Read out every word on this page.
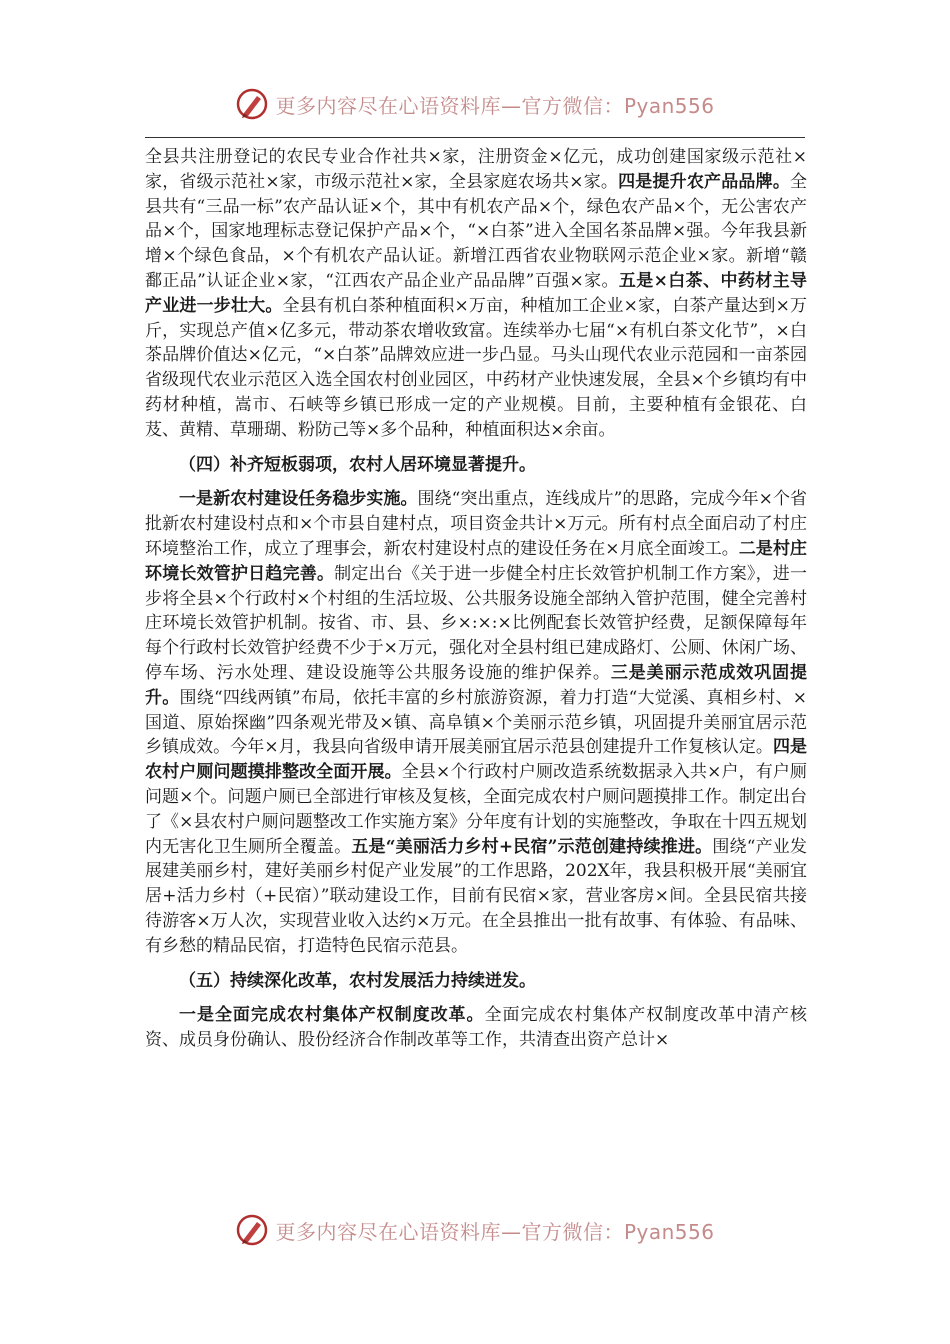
更多内容尽在心语资料库—官方微信：Pyan556

全县共注册登记的农民专业合作社共×家，注册资金×亿元，成功创建国家级示范社×家，省级示范社×家，市级示范社×家，全县家庭农场共×家。四是提升农产品品牌。全县共有“三品一标”农产品认证×个，其中有机农产品×个，绿色农产品×个，无公害农产品×个，国家地理标志登记保护产品×个，“×白茶”进入全国名茶品牌×强。今年我县新增×个绿色食品，×个有机农产品认证。新增江西省农业物联网示范企业×家。新增“赣鄱正品”认证企业×家，“江西农产品企业产品品牌”百强×家。五是×白茶、中药材主导产业进一步壮大。全县有机白茶种植面积×万亩，种植加工企业×家，白茶产量达到×万斤，实现总产值×亿多元，带动茶农增收致富。连续举办七届“×有机白茶文化节”，×白茶品牌价值达×亿元，“×白茶”品牌效应进一步凸显。马头山现代农业示范园和一亩茶园省级现代农业示范区入选全国农村创业园区，中药材产业快速发展，全县×个乡镇均有中药材种植，嵩市、石峡等乡镇已形成一定的产业规模。目前，主要种植有金银花、白芨、黄精、草珊瑚、粉防己等×多个品种，种植面积达×余亩。

（四）补齐短板弱项，农村人居环境显著提升。

一是新农村建设任务稳步实施。围绕“突出重点，连线成片”的思路，完成今年×个省批新农村建设村点和×个市县自建村点，项目资金共计×万元。所有村点全面启动了村庄环境整治工作，成立了理事会，新农村建设村点的建设任务在×月底全面竣工。二是村庄环境长效管护日趋完善。制定出台《关于进一步健全村庄长效管护机制工作方案》，进一步将全县×个行政村×个村组的生活垃圾、公共服务设施全部纳入管护范围，健全完善村庄环境长效管护机制。按省、市、县、乡×:×:×比例配套长效管护经费，足额保障每年每个行政村长效管护经费不少于×万元，强化对全县村组已建成路灯、公厕、休闲广场、停车场、污水处理、建设设施等公共服务设施的维护保养。三是美丽示范成效巩固提升。围绕“四线两镇”布局，依托丰富的乡村旅游资源，着力打造“大觉溪、真相乡村、×国道、原始探幽”四条观光带及×镇、高阜镇×个美丽示范乡镇，巩固提升美丽宜居示范乡镇成效。今年×月，我县向省级申请开展美丽宜居示范县创建提升工作复核认定。四是农村户厕问题摸排整改全面开展。全县×个行政村户厕改造系统数据录入共×户，有户厕问题×个。问题户厕已全部进行审核及复核，全面完成农村户厕问题摸排工作。制定出台了《×县农村户厕问题整改工作实施方案》分年度有计划的实施整改，争取在十四五规划内无害化卫生厕所全覆盖。五是“美丽活力乡村+民宿”示范创建持续推进。围绕“产业发展建美丽乡村，建好美丽乡村促产业发展”的工作思路，202X年，我县积极开展“美丽宜居+活力乡村（+民宿）”联动建设工作，目前有民宿×家，营业客房×间。全县民宿共接待游客×万人次，实现营业收入达约×万元。在全县推出一批有故事、有体验、有品味、有乡愁的精品民宿，打造特色民宿示范县。

（五）持续深化改革，农村发展活力持续迸发。

一是全面完成农村集体产权制度改革。全面完成农村集体产权制度改革中清产核资、成员身份确认、股份经济合作制改革等工作，共清查出资产总计×

更多内容尽在心语资料库—官方微信：Pyan556
